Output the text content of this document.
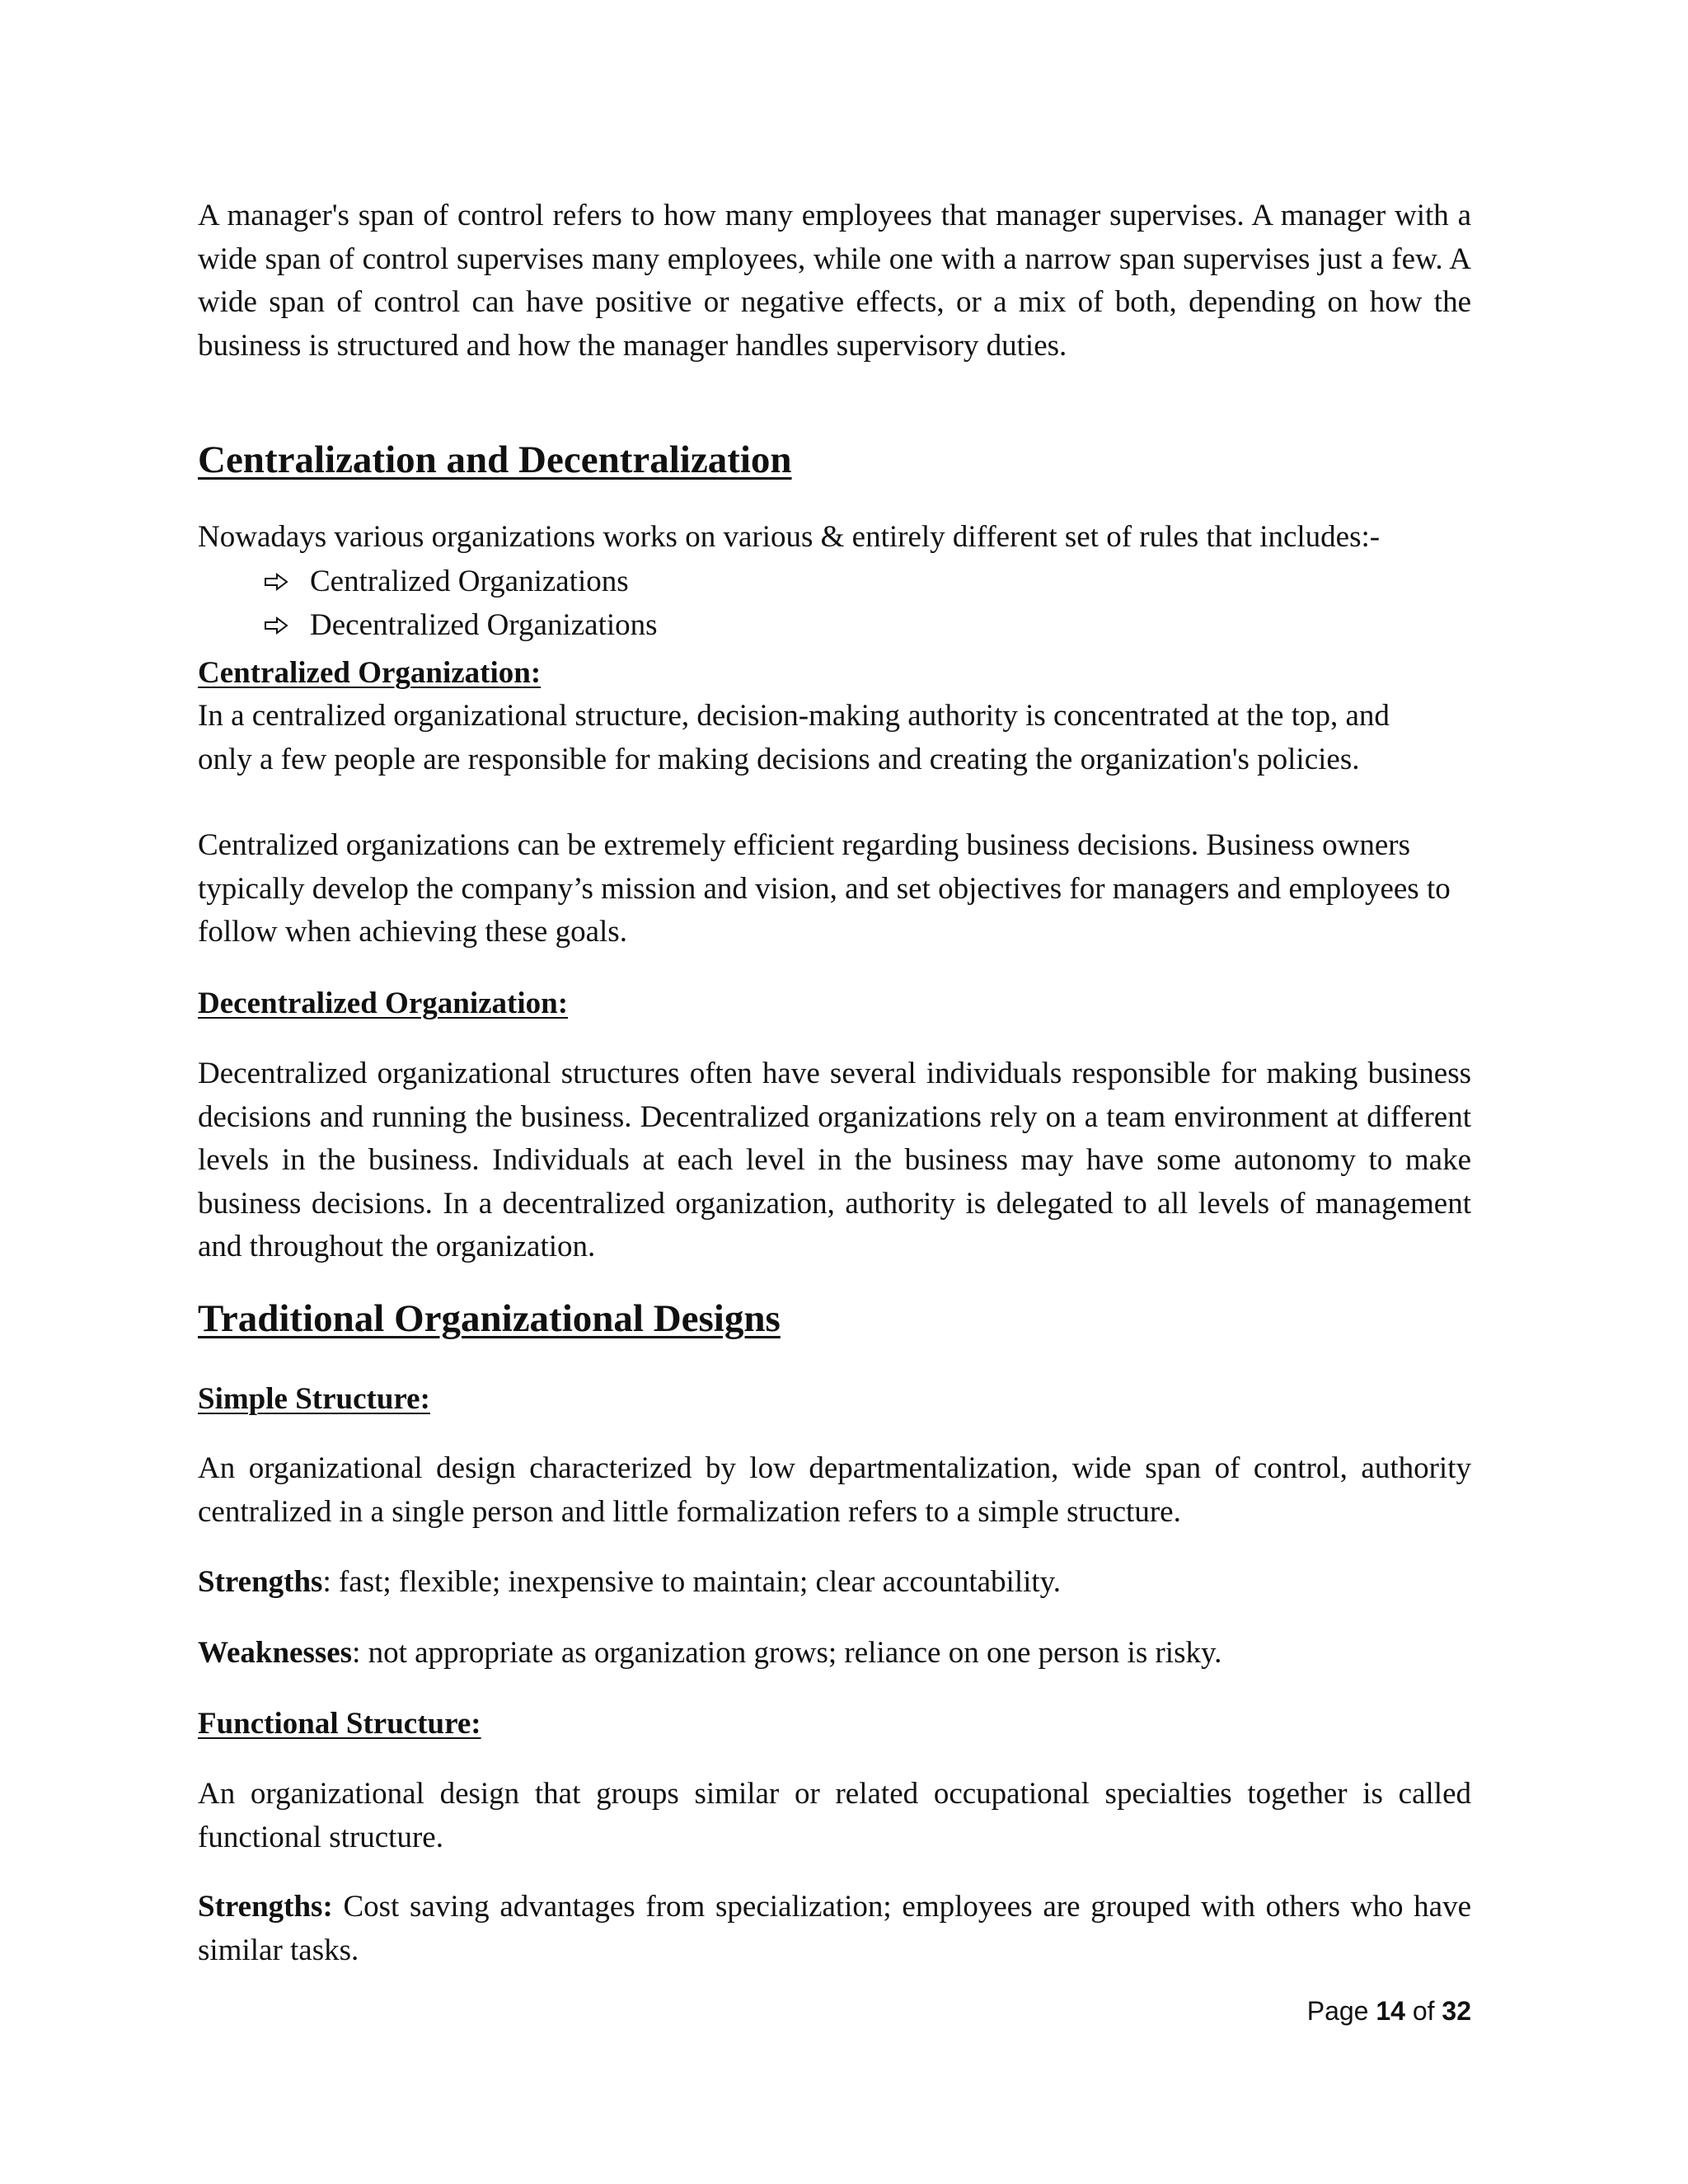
A manager's span of control refers to how many employees that manager supervises. A manager with a wide span of control supervises many employees, while one with a narrow span supervises just a few. A wide span of control can have positive or negative effects, or a mix of both, depending on how the business is structured and how the manager handles supervisory duties.

Centralization and Decentralization

Nowadays various organizations works on various & entirely different set of rules that includes:-

Centralized Organizations
Decentralized Organizations
Centralized Organization:

In a centralized organizational structure, decision-making authority is concentrated at the top, and only a few people are responsible for making decisions and creating the organization's policies.

Centralized organizations can be extremely efficient regarding business decisions. Business owners typically develop the company’s mission and vision, and set objectives for managers and employees to follow when achieving these goals.

Decentralized Organization:

Decentralized organizational structures often have several individuals responsible for making business decisions and running the business. Decentralized organizations rely on a team environment at different levels in the business. Individuals at each level in the business may have some autonomy to make business decisions. In a decentralized organization, authority is delegated to all levels of management and throughout the organization.

Traditional Organizational Designs
Simple Structure:

An organizational design characterized by low departmentalization, wide span of control, authority centralized in a single person and little formalization refers to a simple structure.

Strengths: fast; flexible; inexpensive to maintain; clear accountability.

Weaknesses: not appropriate as organization grows; reliance on one person is risky.

Functional Structure:

An organizational design that groups similar or related occupational specialties together is called functional structure.

Strengths: Cost saving advantages from specialization; employees are grouped with others who have similar tasks.

Page 14 of 32
